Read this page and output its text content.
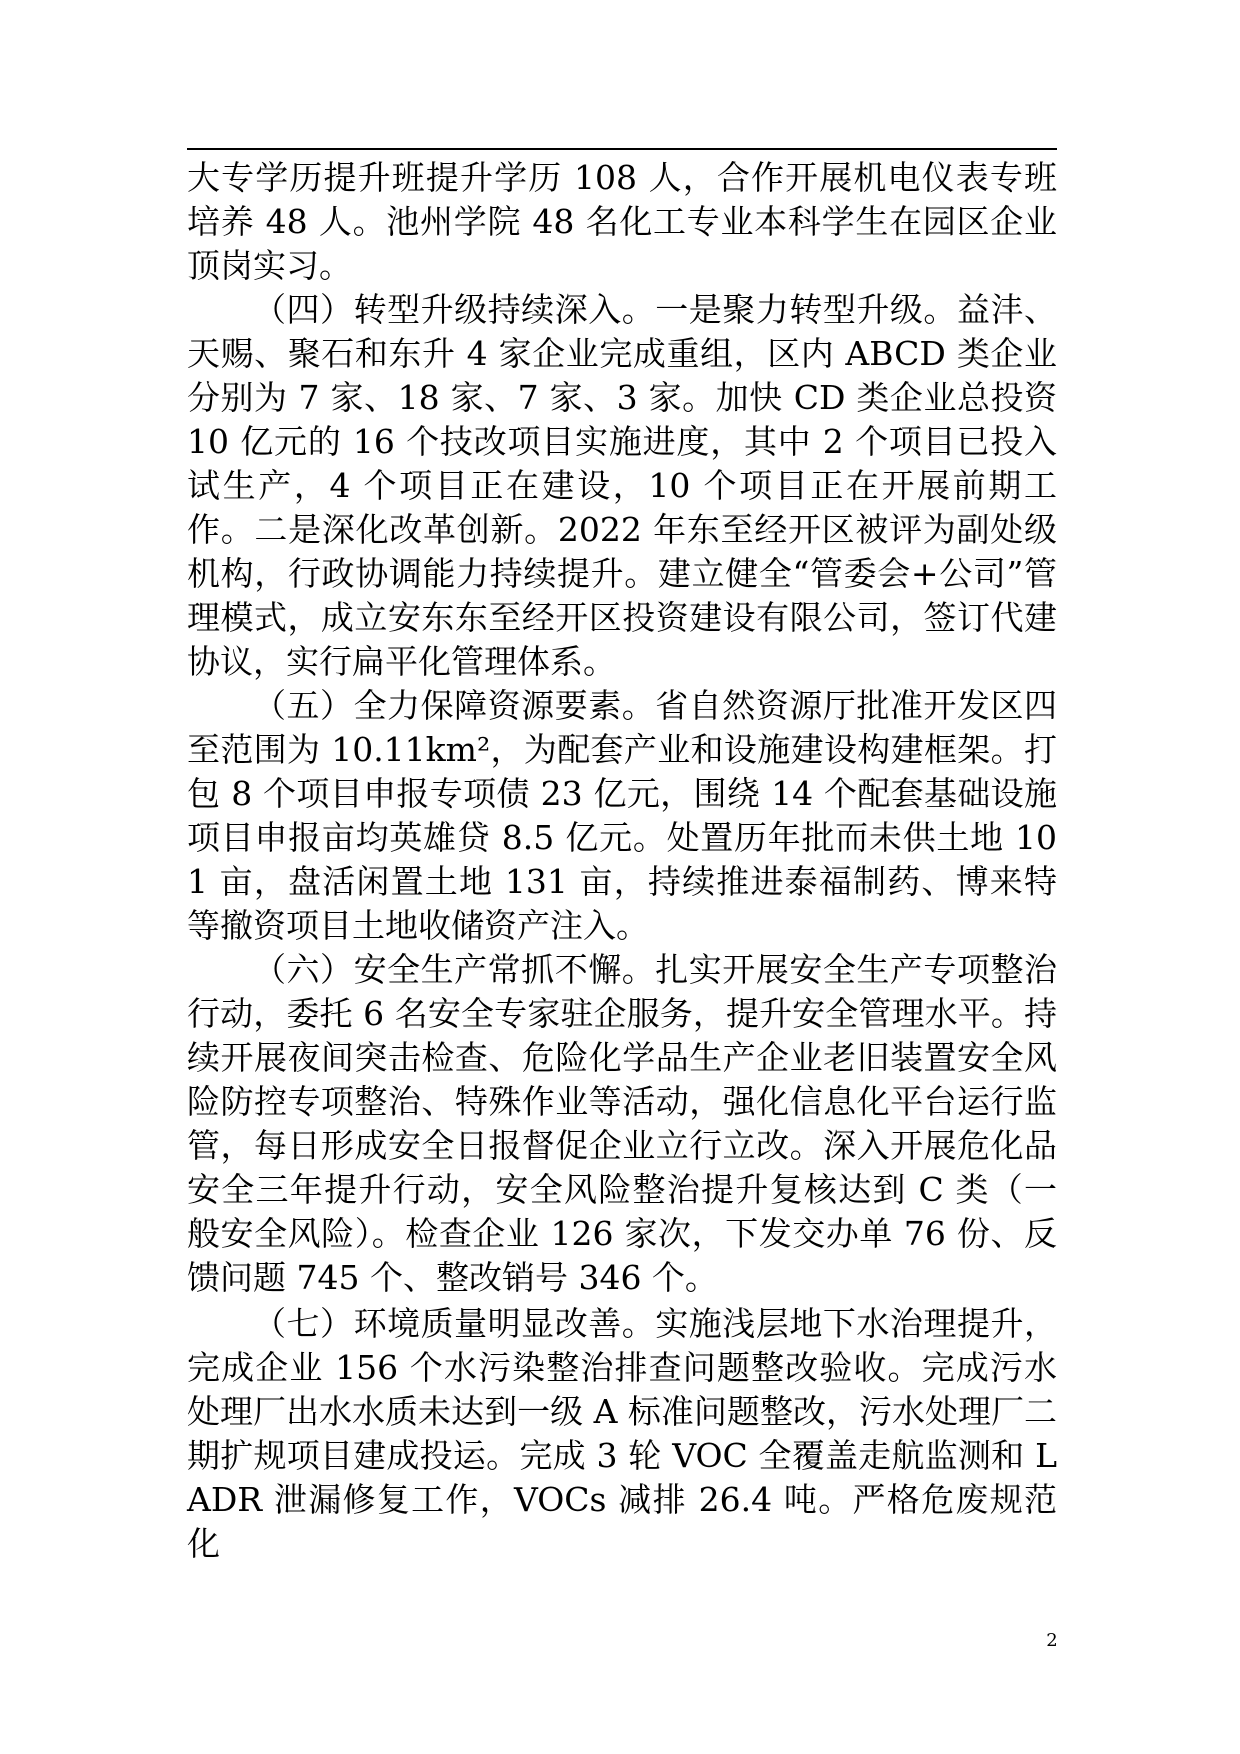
大专学历提升班提升学历 108 人，合作开展机电仪表专班培养 48 人。池州学院 48 名化工专业本科学生在园区企业顶岗实习。

（四）转型升级持续深入。一是聚力转型升级。益沣、天赐、聚石和东升 4 家企业完成重组，区内 ABCD 类企业分别为 7 家、18 家、7 家、3 家。加快 CD 类企业总投资 10 亿元的 16 个技改项目实施进度，其中 2 个项目已投入试生产，4 个项目正在建设，10 个项目正在开展前期工作。二是深化改革创新。2022 年东至经开区被评为副处级机构，行政协调能力持续提升。建立健全“管委会+公司”管理模式，成立安东东至经开区投资建设有限公司，签订代建协议，实行扁平化管理体系。

（五）全力保障资源要素。省自然资源厅批准开发区四至范围为 10.11km²，为配套产业和设施建设构建框架。打包 8 个项目申报专项债 23 亿元，围绕 14 个配套基础设施项目申报亩均英雄贷 8.5 亿元。处置历年批而未供土地 101 亩，盘活闲置土地 131 亩，持续推进泰福制药、博来特等撤资项目土地收储资产注入。

（六）安全生产常抓不懈。扎实开展安全生产专项整治行动，委托 6 名安全专家驻企服务，提升安全管理水平。持续开展夜间突击检查、危险化学品生产企业老旧装置安全风险防控专项整治、特殊作业等活动，强化信息化平台运行监管，每日形成安全日报督促企业立行立改。深入开展危化品安全三年提升行动，安全风险整治提升复核达到 C 类（一般安全风险）。检查企业 126 家次，下发交办单 76 份、反馈问题 745 个、整改销号 346 个。

（七）环境质量明显改善。实施浅层地下水治理提升，完成企业 156 个水污染整治排查问题整改验收。完成污水处理厂出水水质未达到一级 A 标准问题整改，污水处理厂二期扩规项目建成投运。完成 3 轮 VOC 全覆盖走航监测和 LADR 泄漏修复工作，VOCs 减排 26.4 吨。严格危废规范化

2
